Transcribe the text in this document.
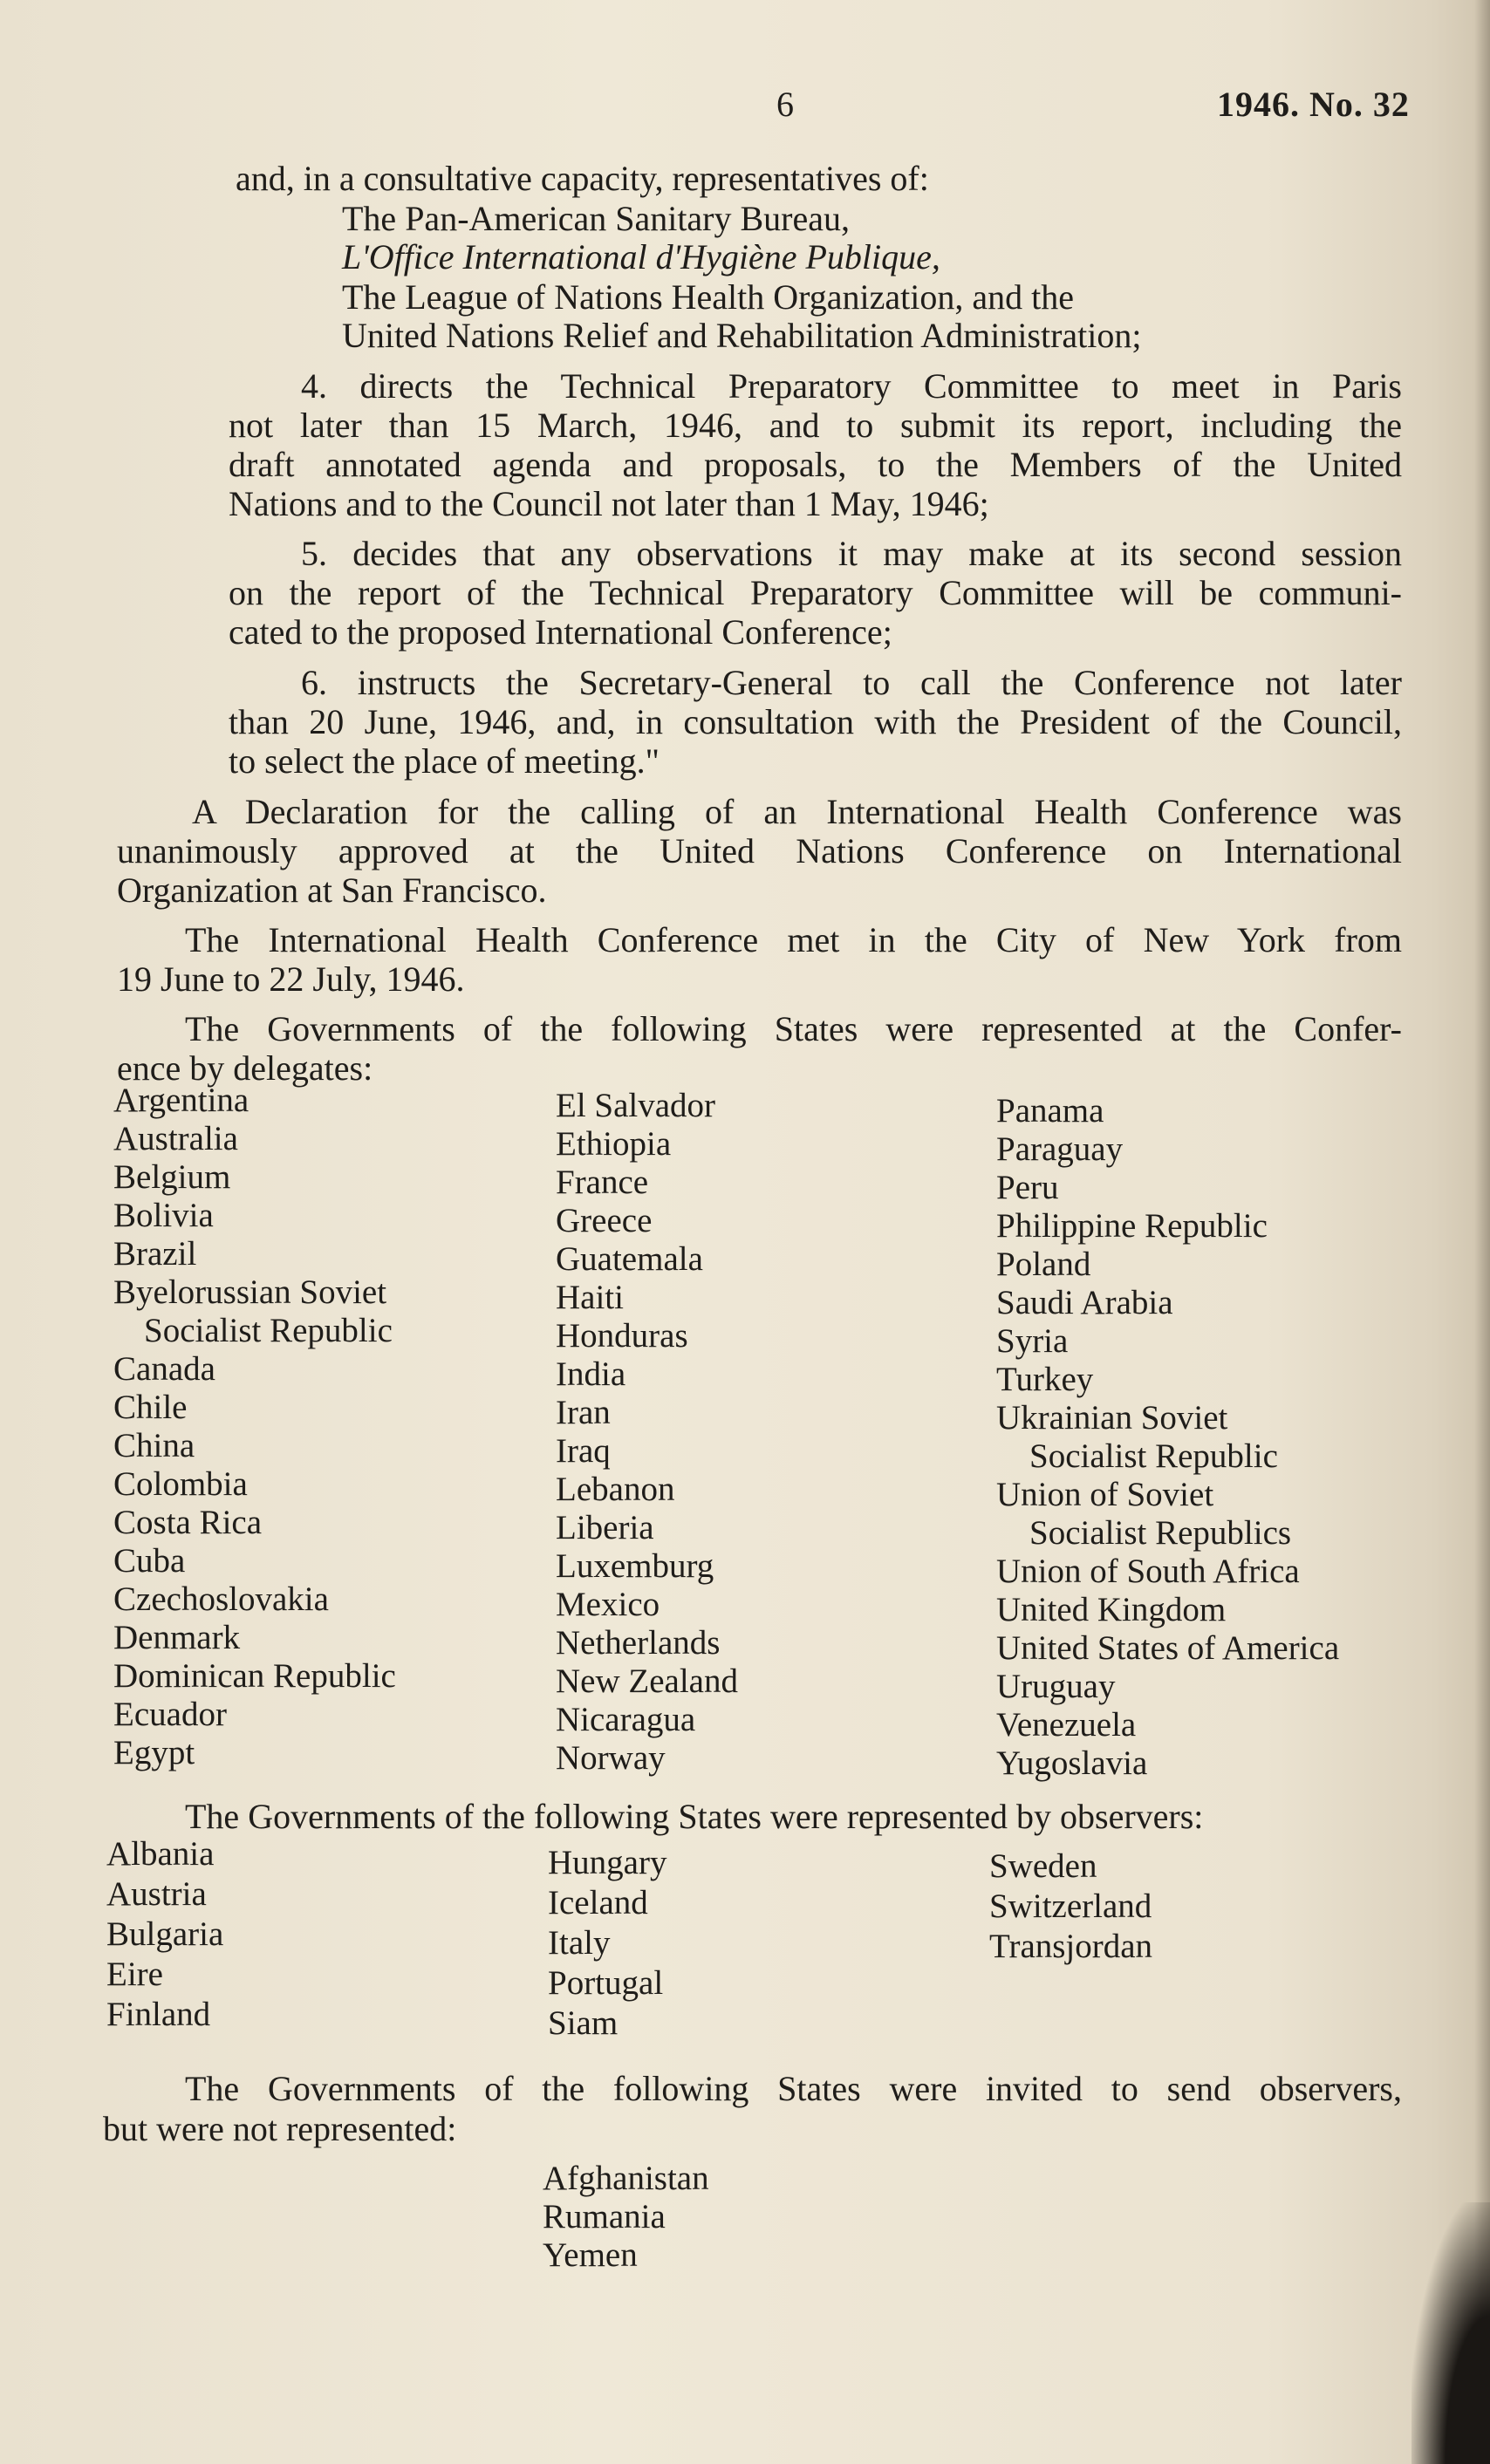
6	1946. No. 32
and, in a consultative capacity, representatives of:
The Pan-American Sanitary Bureau,
L'Office International d'Hygiène Publique,
The League of Nations Health Organization, and the
United Nations Relief and Rehabilitation Administration;
4. directs the Technical Preparatory Committee to meet in Paris
not later than 15 March, 1946, and to submit its report, including the
draft annotated agenda and proposals, to the Members of the United
Nations and to the Council not later than 1 May, 1946;
5. decides that any observations it may make at its second session
on the report of the Technical Preparatory Committee will be communi-
cated to the proposed International Conference;
6. instructs the Secretary-General to call the Conference not later
than 20 June, 1946, and, in consultation with the President of the Council,
to select the place of meeting."
A Declaration for the calling of an International Health Conference was
unanimously approved at the United Nations Conference on International
Organization at San Francisco.
The International Health Conference met in the City of New York from
19 June to 22 July, 1946.
The Governments of the following States were represented at the Confer-
ence by delegates:
Argentina
Australia
Belgium
Bolivia
Brazil
Byelorussian Soviet
Socialist Republic
Canada
Chile
China
Colombia
Costa Rica
Cuba
Czechoslovakia
Denmark
Dominican Republic
Ecuador
Egypt
El Salvador
Ethiopia
France
Greece
Guatemala
Haiti
Honduras
India
Iran
Iraq
Lebanon
Liberia
Luxemburg
Mexico
Netherlands
New Zealand
Nicaragua
Norway
Panama
Paraguay
Peru
Philippine Republic
Poland
Saudi Arabia
Syria
Turkey
Ukrainian Soviet
Socialist Republic
Union of Soviet
Socialist Republics
Union of South Africa
United Kingdom
United States of America
Uruguay
Venezuela
Yugoslavia
The Governments of the following States were represented by observers:
Albania
Austria
Bulgaria
Eire
Finland
Hungary
Iceland
Italy
Portugal
Siam
Sweden
Switzerland
Transjordan
The Governments of the following States were invited to send observers,
but were not represented:
Afghanistan
Rumania
Yemen
